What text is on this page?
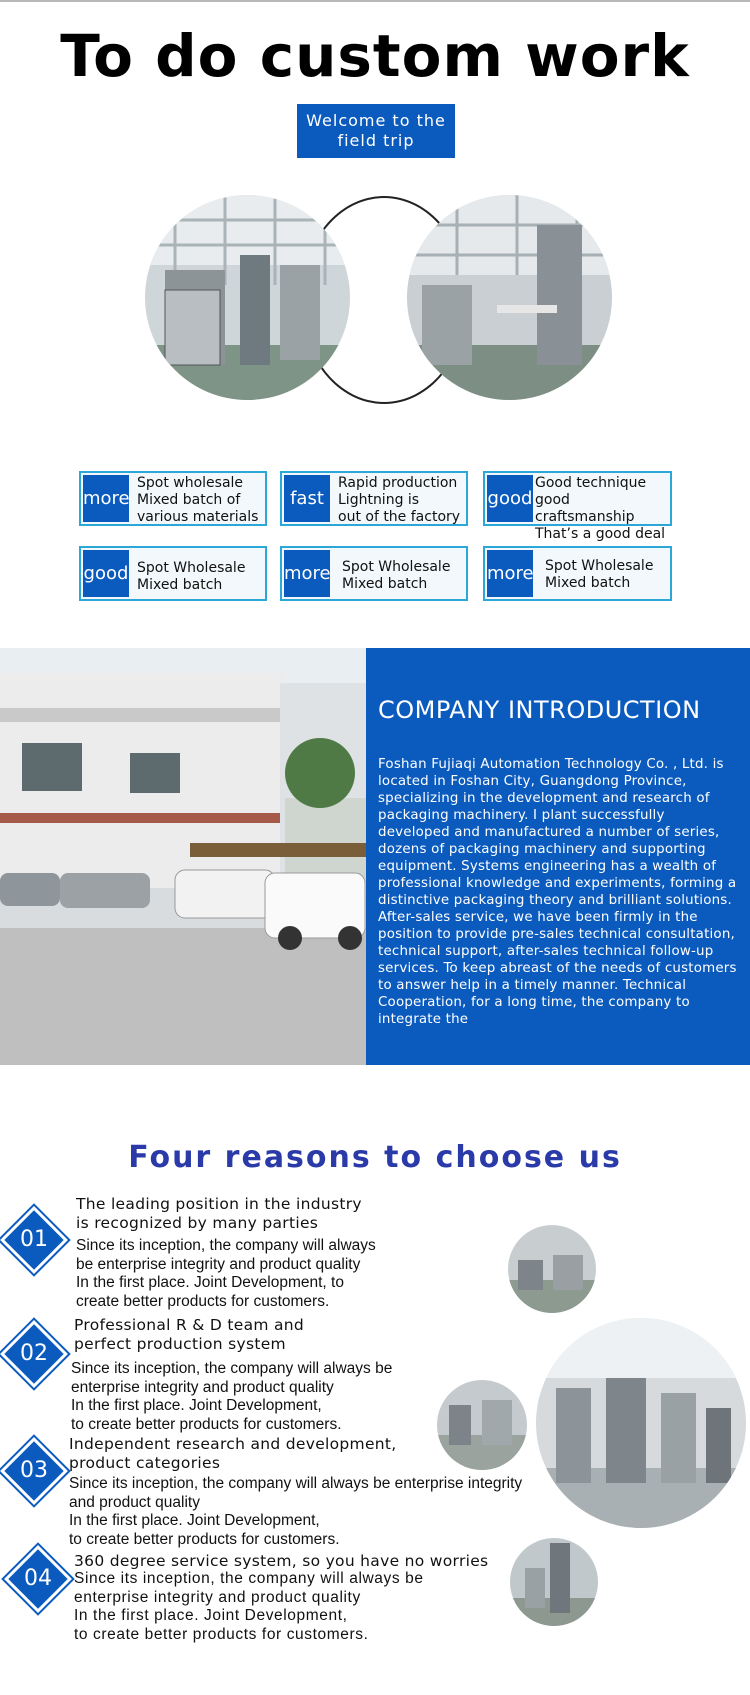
To do custom work
Welcome to the
field trip
more
Spot wholesale
Mixed batch of
various materials
fast
Rapid production
Lightning is
out of the factory
good
Good technique
good craftsmanship
That’s a good deal
good Spot Wholesale
Mixed batch
more Spot Wholesale
Mixed batch	more Spot Wholesale
Mixed batch
COMPANY INTRODUCTION
Foshan Fujiaqi Automation Technology Co. , Ltd. is located in Foshan City, Guangdong Province, specializing in the development and research of packaging machinery. I plant successfully developed and manufactured a number of series, dozens of packaging machinery and supporting equipment. Systems engineering has a wealth of professional knowledge and experiments, forming a distinctive packaging theory and brilliant solutions. After-sales service, we have been firmly in the position to provide pre-sales technical consultation, technical support, after-sales technical follow-up services. To keep abreast of the needs of customers to answer help in a timely manner. Technical Cooperation, for a long time, the company to integrate the
Four reasons to choose us
01
The leading position in the industry
is recognized by many parties
Since its inception, the company will always
be enterprise integrity and product quality
In the first place. Joint Development, to
create better products for customers.
02
Professional R & D team and
perfect production system
Since its inception, the company will always be
enterprise integrity and product quality
In the first place. Joint Development,
to create better products for customers.
03
Independent research and development,
product categories
Since its inception, the company will always be enterprise integrity
and product quality
In the first place. Joint Development,
to create better products for customers.
04
360 degree service system, so you have no worries
Since its inception, the company will always be
enterprise integrity and product quality
In the first place. Joint Development,
to create better products for customers.
